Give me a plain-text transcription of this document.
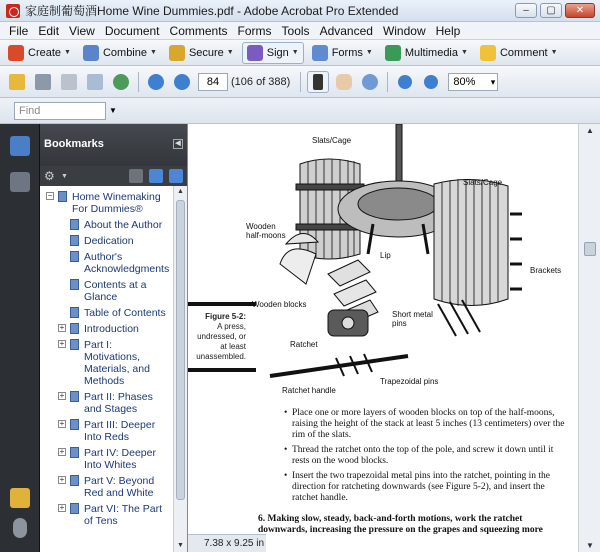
家庭制葡萄酒Home Wine Dummies.pdf - Adobe Acrobat Pro Extended	–	▢	✕
File Edit View Document Comments Forms Tools Advanced Window Help
Create ▼	Combine ▼	Secure ▼	Sign ▼	Forms ▼	Multimedia ▼	Comment ▼
84	(106 of 388)	80% ▾
Find	▼
Bookmarks	◀
⚙ ▼
− Home Winemaking For Dummies®
About the Author
Dedication
Author's Acknowledgments
Contents at a Glance
Table of Contents
+ Introduction
+ Part I: Motivations, Materials, and Methods
+ Part II: Phases and Stages
+ Part III: Deeper Into Reds
+ Part IV: Deeper Into Whites
+ Part V: Beyond Red and White
+ Part VI: The Part of Tens
▲
▼
Slats/Cage
Slats/Cage
Wooden half-moons
Lip
Brackets
Wooden blocks
Short metal pins
Ratchet
Ratchet handle
Trapezoidal pins
Figure 5-2:
A press, undressed, or at least unassembled.
• Place one or more layers of wooden blocks on top of the half-moons, raising the height of the stack at least 5 inches (13 centimeters) over the rim of the slats.
• Thread the ratchet onto the top of the pole, and screw it down until it rests on the wood blocks.
• Insert the two trapezoidal metal pins into the ratchet, pointing in the direction for ratcheting downwards (see Figure 5-2), and insert the ratchet handle.
6. Making slow, steady, back-and-forth motions, work the ratchet downwards, increasing the pressure on the grapes and squeezing more
▲
▼
7.38 x 9.25 in
